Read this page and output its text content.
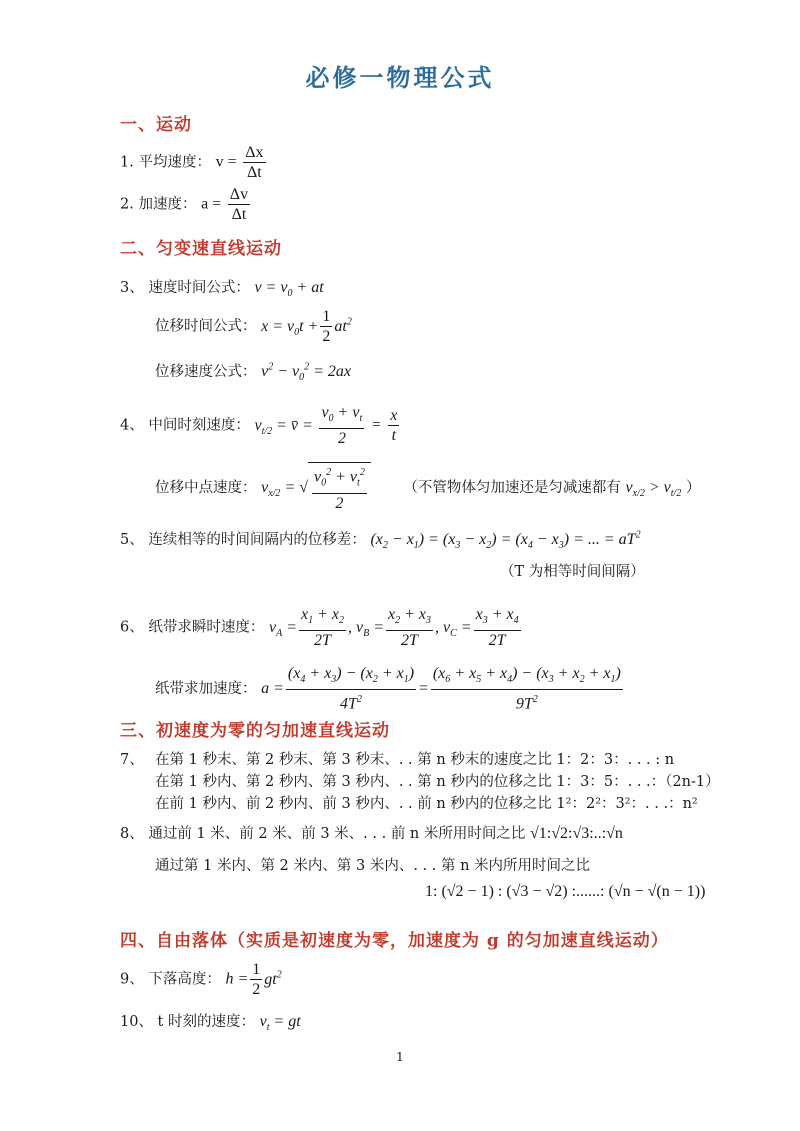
必修一物理公式
一、运动
1. 平均速度： $v = \frac{\Delta x}{\Delta t}$
2. 加速度： $a = \frac{\Delta v}{\Delta t}$
二、匀变速直线运动
3、 速度时间公式： $v = v_0$ + at
位移时间公式： $x = v_0t + \frac{1}{2} at^2$
位移速度公式： $v^2 - v_0^2 = 2ax$
4、 中间时刻速度： $v_{t/2}$ = v̄ = $\frac{v_0 + v_t}{2} = \frac{x}{t}$
位移中点速度： $v_{x/2}$ = √ $\frac{v_0^2 + v_t^2}{2}$	（不管物体匀加速还是匀减速都有 $v_{x/2} > v_{t/2}$ ）
5、 连续相等的时间间隔内的位移差： $(x_2 - x_1) = (x_3 - x_2) = (x_4 - x_3)$ = ... = $aT^2$
（T 为相等时间间隔）
6、 纸带求瞬时速度： $v_A = \frac{x_1 + x_2}{2T}$ , $v_B = \frac{x_2 + x_3}{2T}$ , $v_C = \frac{x_3 + x_4}{2T}$
纸带求加速度： $a = \frac{(x_4 + x_3) - (x_2 + x_1)}{4T^2} = \frac{(x_6 + x_5 + x_4) - (x_3 + x_2 + x_1)}{9T^2}$
三、初速度为零的匀加速直线运动
7、 在第 1 秒末、第 2 秒末、第 3 秒末、. . 第 n 秒末的速度之比 1：2：3：. . . : n
在第 1 秒内、第 2 秒内、第 3 秒内、. . 第 n 秒内的位移之比 1：3：5：. . .：（2n-1）
在前 1 秒内、前 2 秒内、前 3 秒内、. . 前 n 秒内的位移之比 1²：2²：3²：. . .：n²
8、 通过前 1 米、前 2 米、前 3 米、. . . 前 n 米所用时间之比 √1:√2:√3:..:√n
通过第 1 米内、第 2 米内、第 3 米内、. . . 第 n 米内所用时间之比
1: (√2 − 1) : (√3 − √2) :......: (√n − √(n − 1))
四、自由落体（实质是初速度为零，加速度为 g 的匀加速直线运动）
9、 下落高度： $h = \frac{1}{2} gt^2$
10、 t 时刻的速度： $v_t$ = gt
1
